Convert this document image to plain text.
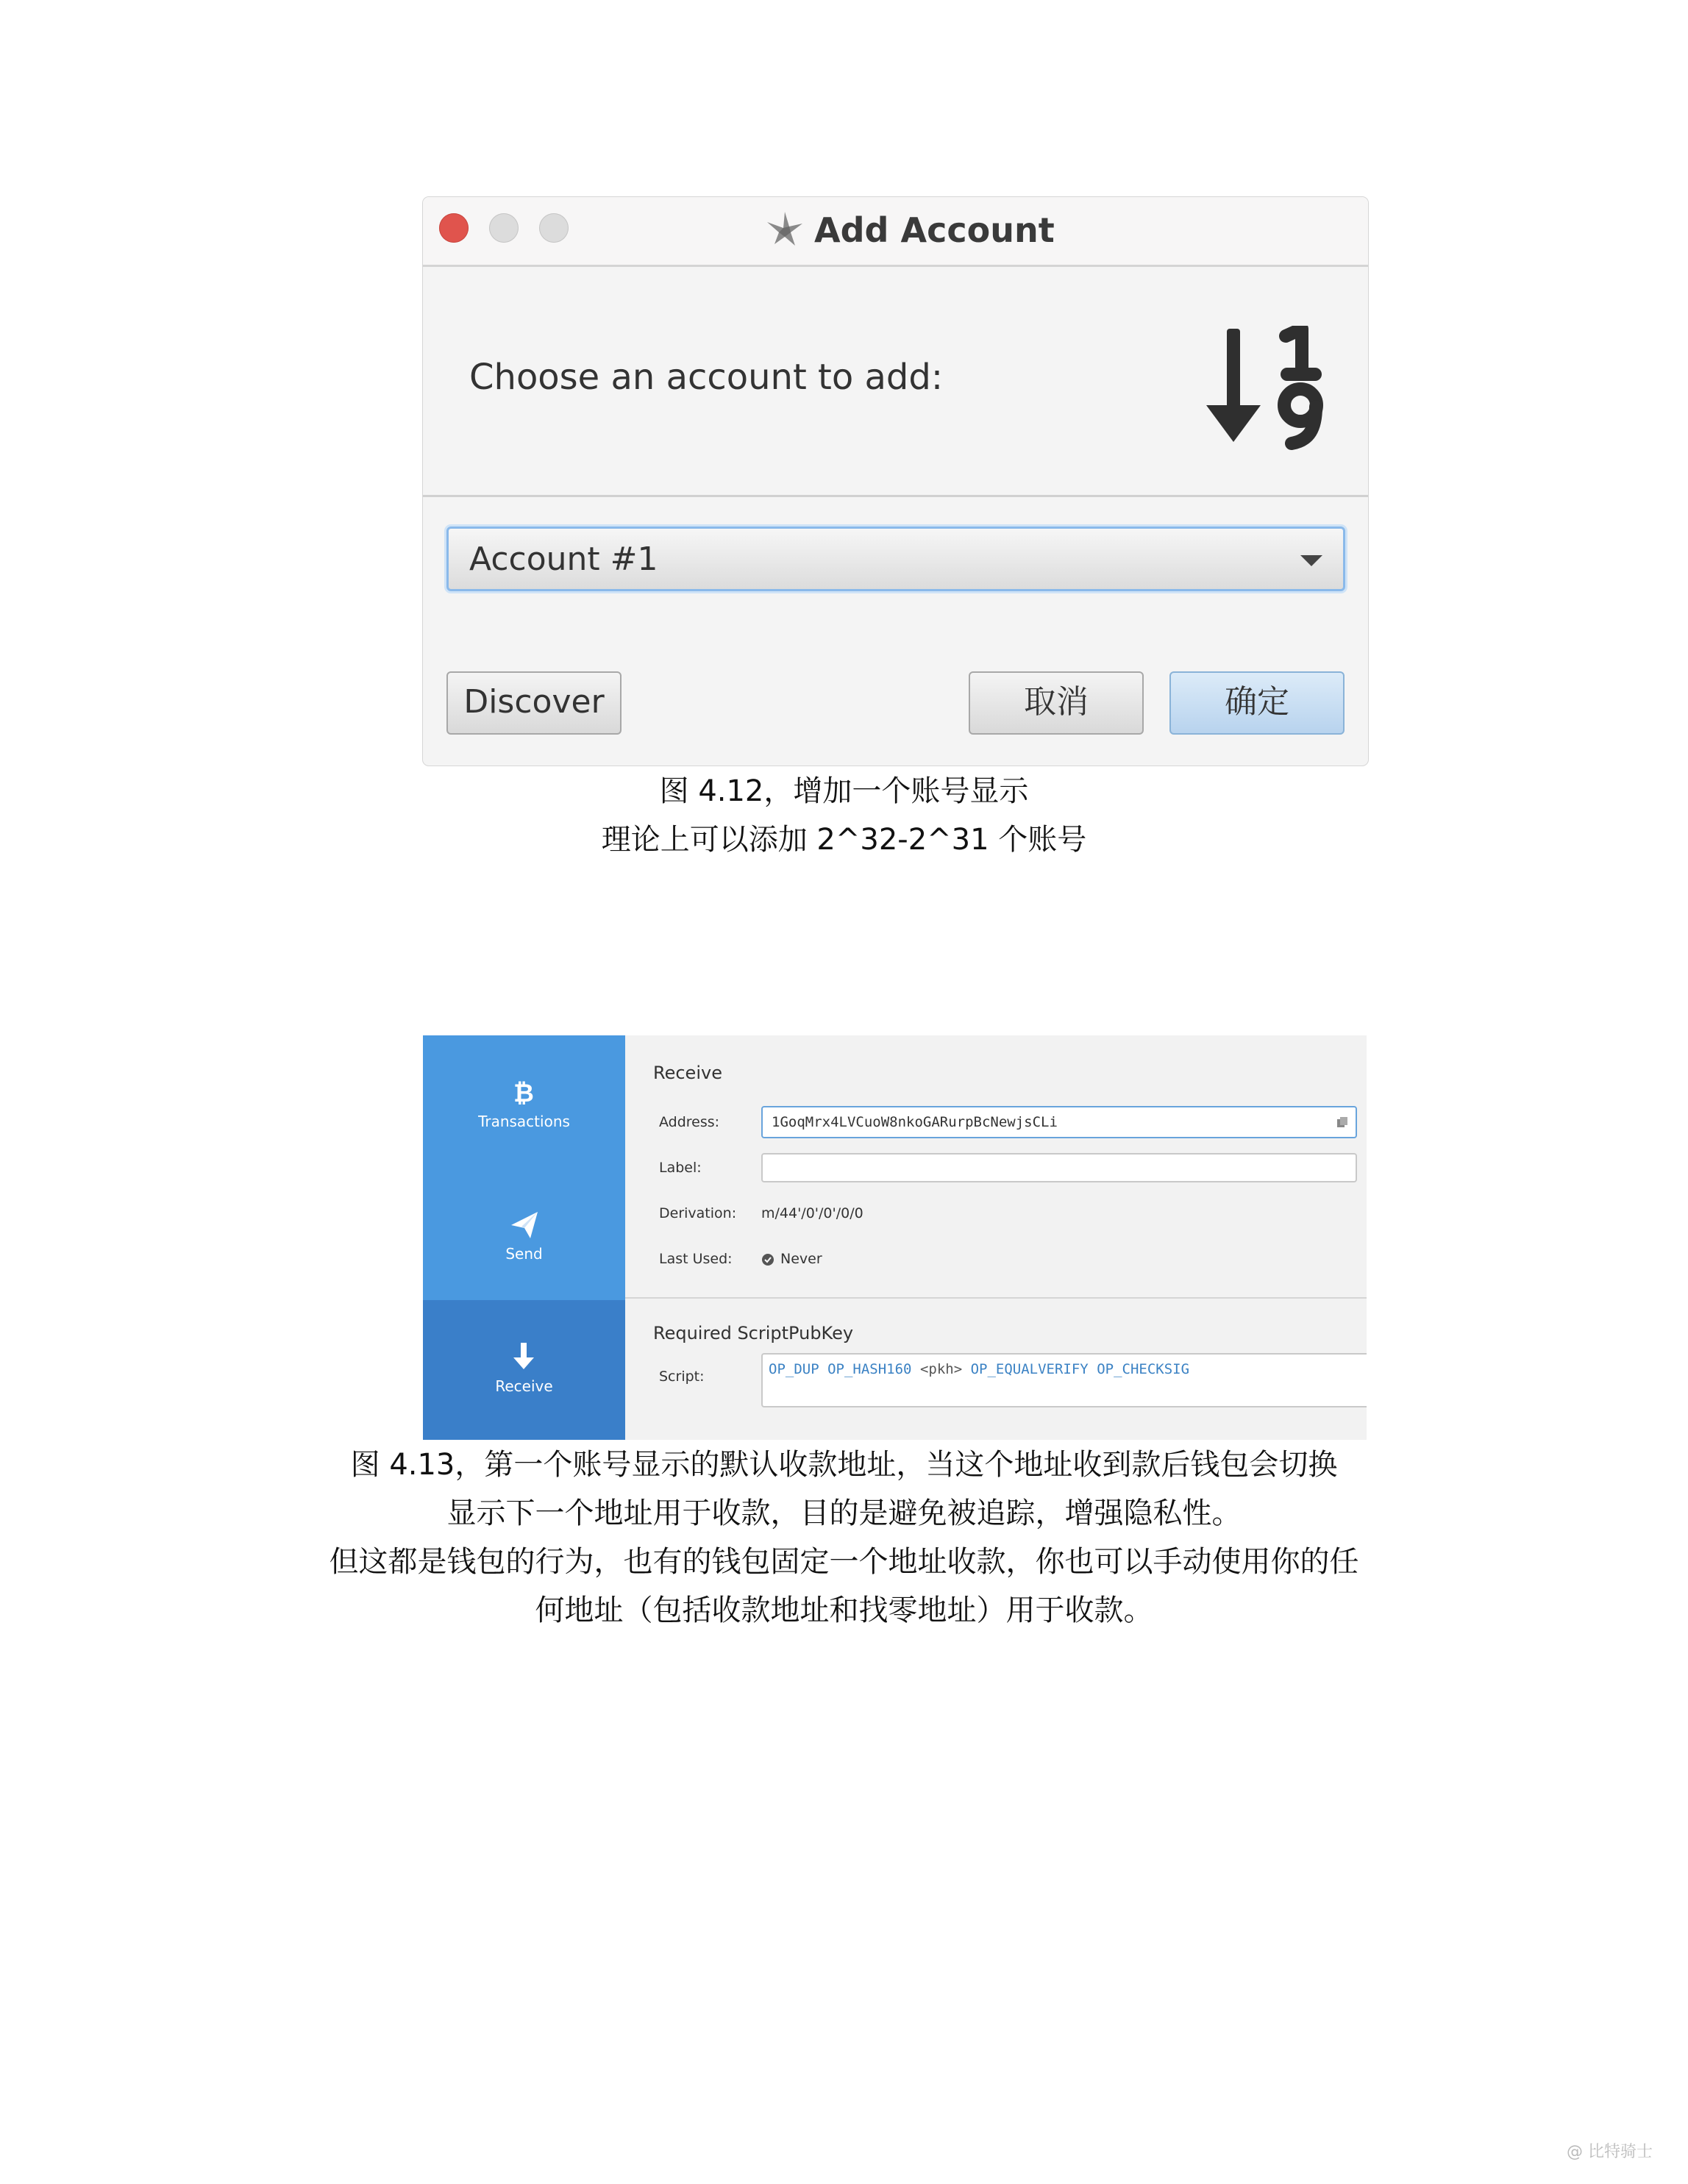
Add Account
Choose an account to add:
Account #1
Discover	取消	确定
图 4.12，增加一个账号显示
理论上可以添加 2^32-2^31 个账号
₿
Transactions
Send
Receive
Receive
Address:	1GoqMrx4LVCuoW8nkoGARurpBcNewjsCLi
Label:
Derivation: m/44'/0'/0'/0/0
Last Used:	Never
Required ScriptPubKey
Script:	OP_DUP OP_HASH160 <pkh> OP_EQUALVERIFY OP_CHECKSIG
图 4.13，第一个账号显示的默认收款地址，当这个地址收到款后钱包会切换
显示下一个地址用于收款，目的是避免被追踪，增强隐私性。
但这都是钱包的行为，也有的钱包固定一个地址收款，你也可以手动使用你的任
何地址（包括收款地址和找零地址）用于收款。
@ 比特骑士
